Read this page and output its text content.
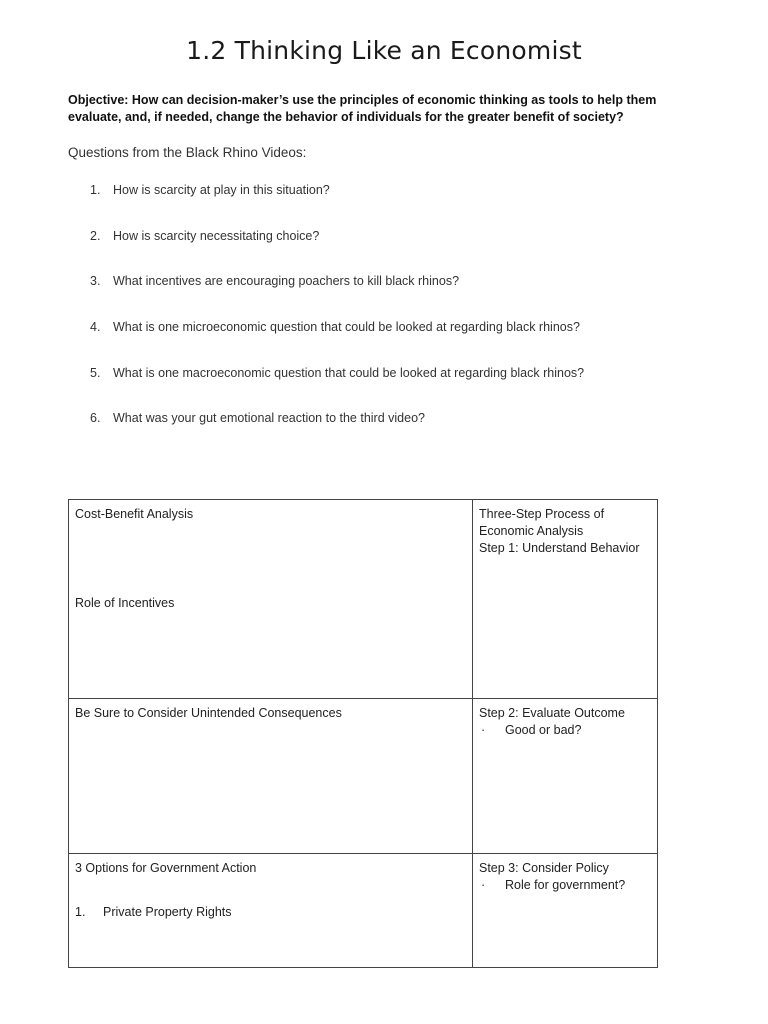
1.2 Thinking Like an Economist
Objective: How can decision-maker’s use the principles of economic thinking as tools to help them evaluate, and, if needed, change the behavior of individuals for the greater benefit of society?
Questions from the Black Rhino Videos:
1. How is scarcity at play in this situation?
2. How is scarcity necessitating choice?
3. What incentives are encouraging poachers to kill black rhinos?
4. What is one microeconomic question that could be looked at regarding black rhinos?
5. What is one macroeconomic question that could be looked at regarding black rhinos?
6. What was your gut emotional reaction to the third video?
Cost-Benefit Analysis
Role of Incentives	Three-Step Process of
Economic Analysis
Step 1: Understand Behavior

Be Sure to Consider Unintended Consequences	Step 2: Evaluate Outcome
· Good or bad?

3 Options for Government Action
1. Private Property Rights	Step 3: Consider Policy
· Role for government?
